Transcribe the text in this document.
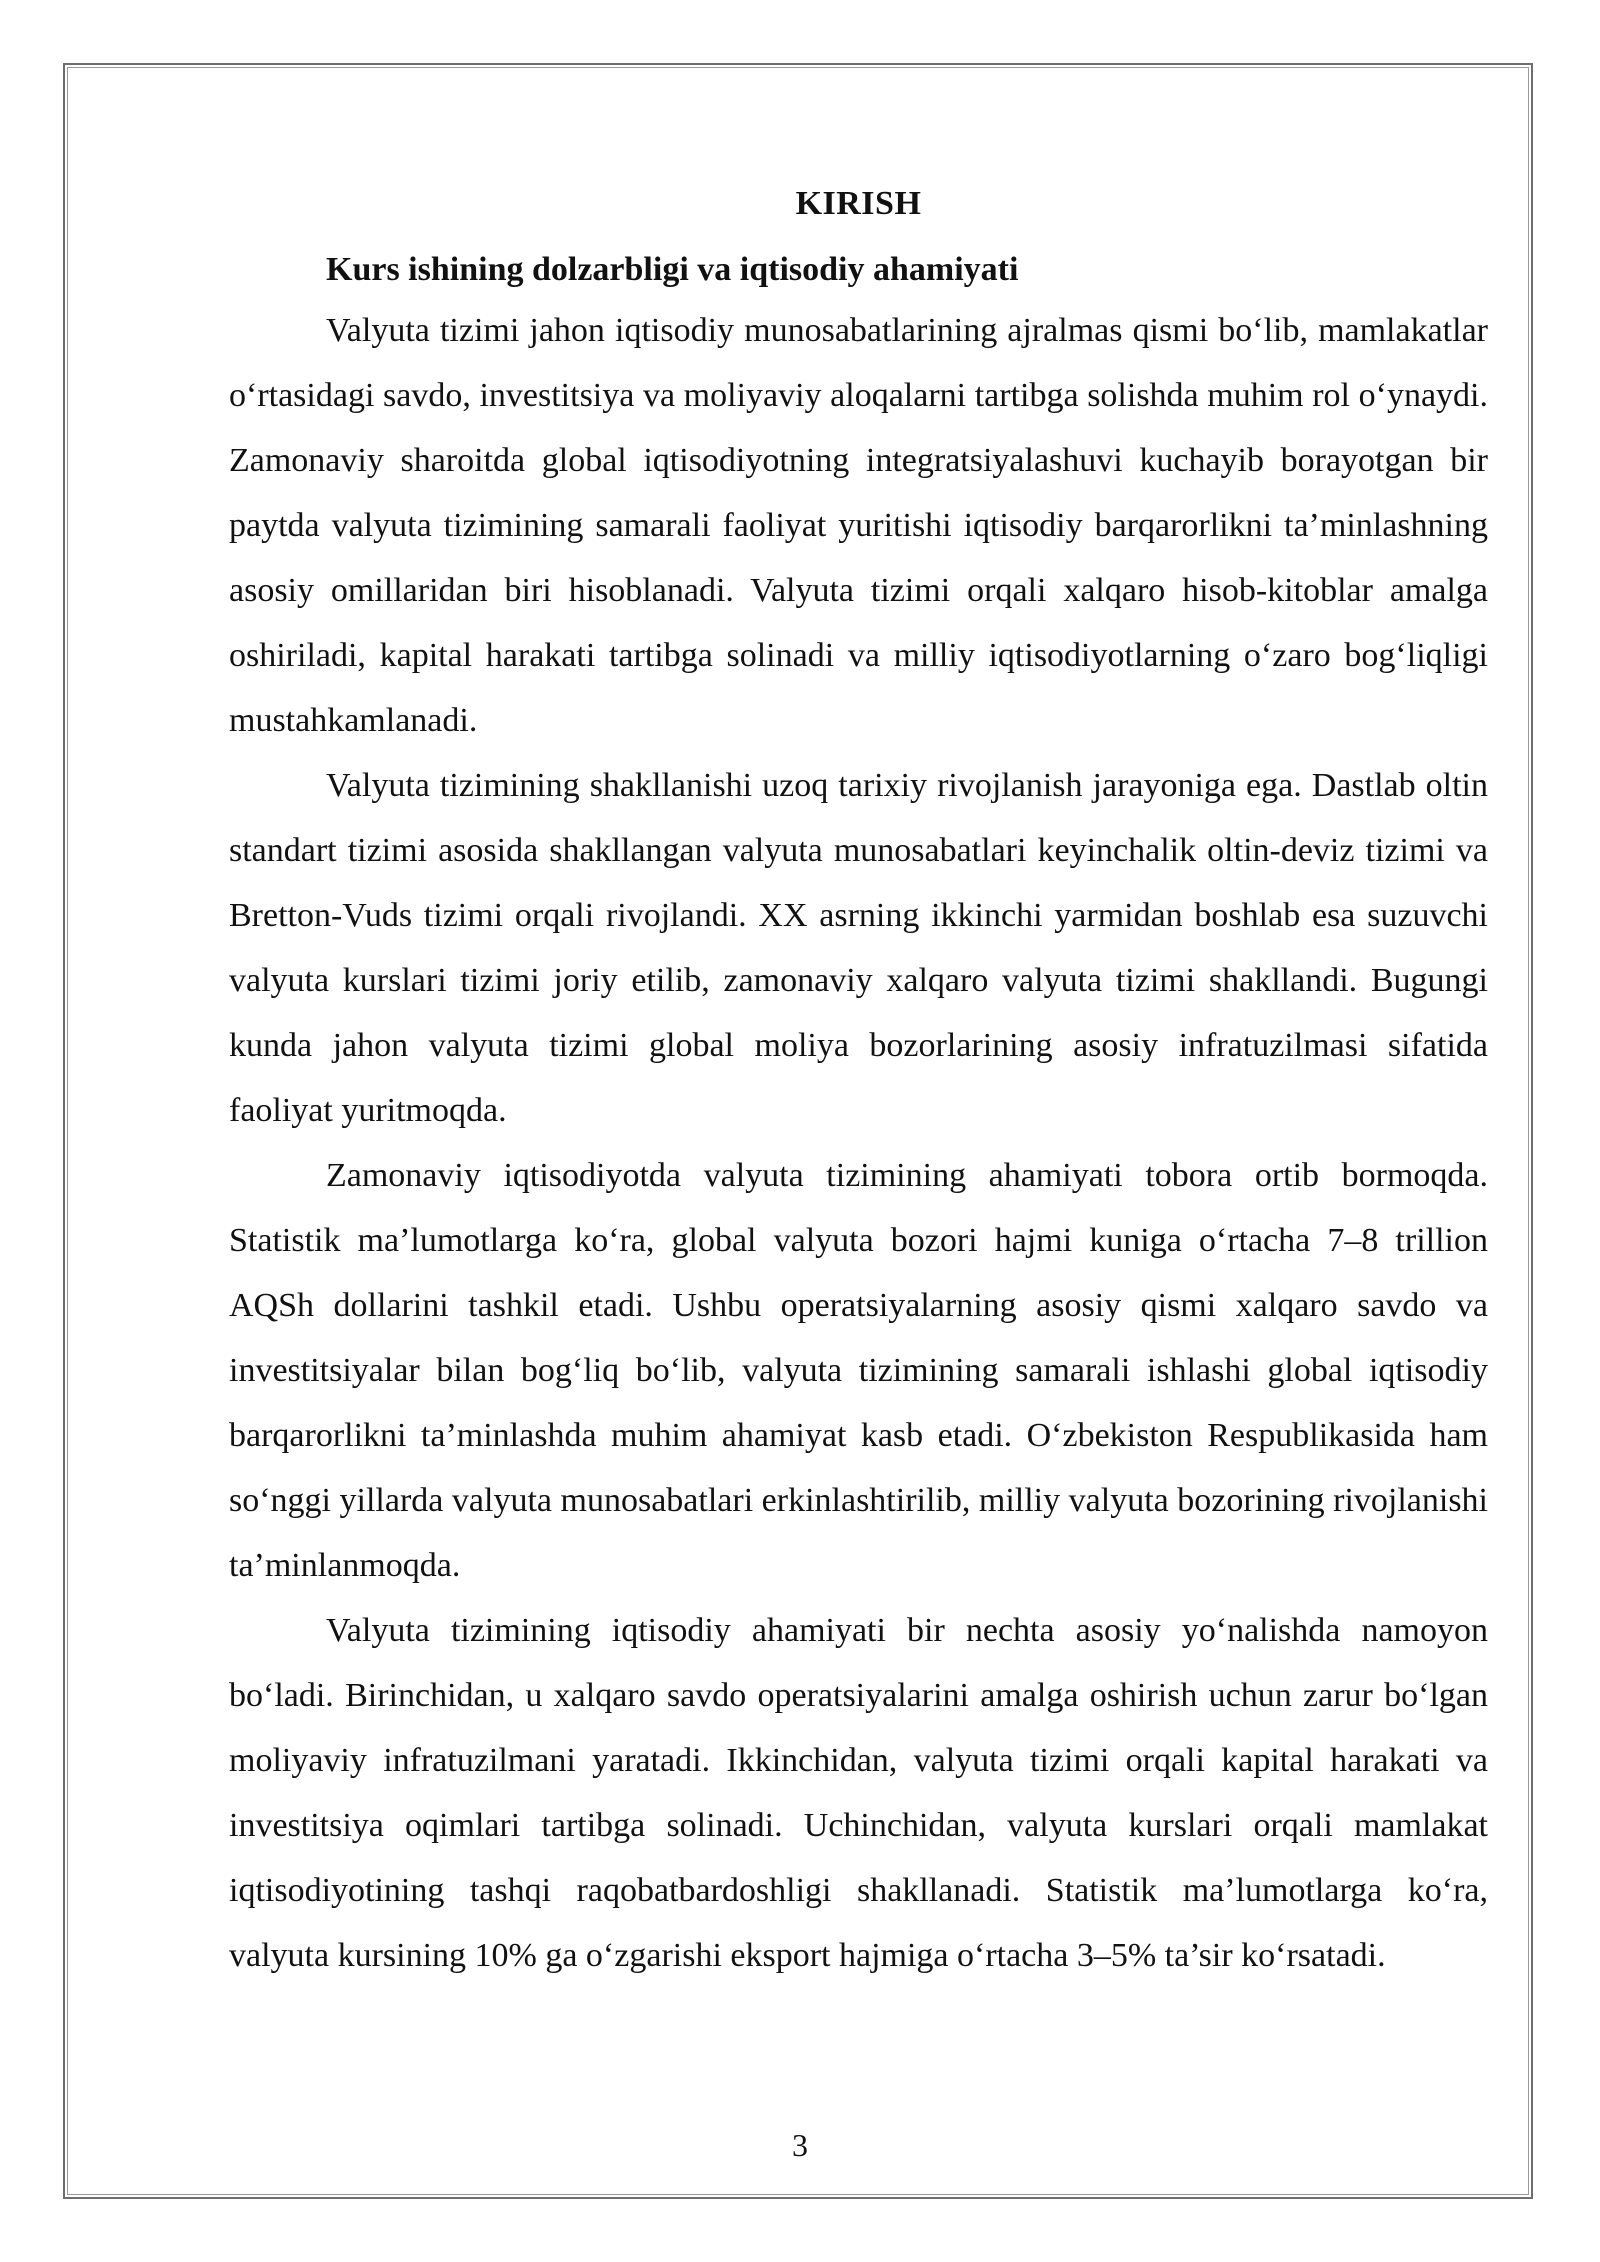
KIRISH

Kurs ishining dolzarbligi va iqtisodiy ahamiyati

Valyuta tizimi jahon iqtisodiy munosabatlarining ajralmas qismi bo‘lib, mamlakatlar o‘rtasidagi savdo, investitsiya va moliyaviy aloqalarni tartibga solishda muhim rol o‘ynaydi. Zamonaviy sharoitda global iqtisodiyotning integratsiyalashuvi kuchayib borayotgan bir paytda valyuta tizimining samarali faoliyat yuritishi iqtisodiy barqarorlikni ta’minlashning asosiy omillaridan biri hisoblanadi. Valyuta tizimi orqali xalqaro hisob-kitoblar amalga oshiriladi, kapital harakati tartibga solinadi va milliy iqtisodiyotlarning o‘zaro bog‘liqligi mustahkamlanadi.

Valyuta tizimining shakllanishi uzoq tarixiy rivojlanish jarayoniga ega. Dastlab oltin standart tizimi asosida shakllangan valyuta munosabatlari keyinchalik oltin-deviz tizimi va Bretton-Vuds tizimi orqali rivojlandi. XX asrning ikkinchi yarmidan boshlab esa suzuvchi valyuta kurslari tizimi joriy etilib, zamonaviy xalqaro valyuta tizimi shakllandi. Bugungi kunda jahon valyuta tizimi global moliya bozorlarining asosiy infratuzilmasi sifatida faoliyat yuritmoqda.

Zamonaviy iqtisodiyotda valyuta tizimining ahamiyati tobora ortib bormoqda. Statistik ma’lumotlarga ko‘ra, global valyuta bozori hajmi kuniga o‘rtacha 7–8 trillion AQSh dollarini tashkil etadi. Ushbu operatsiyalarning asosiy qismi xalqaro savdo va investitsiyalar bilan bog‘liq bo‘lib, valyuta tizimining samarali ishlashi global iqtisodiy barqarorlikni ta’minlashda muhim ahamiyat kasb etadi. O‘zbekiston Respublikasida ham so‘nggi yillarda valyuta munosabatlari erkinlashtirilib, milliy valyuta bozorining rivojlanishi ta’minlanmoqda.

Valyuta tizimining iqtisodiy ahamiyati bir nechta asosiy yo‘nalishda namoyon bo‘ladi. Birinchidan, u xalqaro savdo operatsiyalarini amalga oshirish uchun zarur bo‘lgan moliyaviy infratuzilmani yaratadi. Ikkinchidan, valyuta tizimi orqali kapital harakati va investitsiya oqimlari tartibga solinadi. Uchinchidan, valyuta kurslari orqali mamlakat iqtisodiyotining tashqi raqobatbardoshligi shakllanadi. Statistik ma’lumotlarga ko‘ra, valyuta kursining 10% ga o‘zgarishi eksport hajmiga o‘rtacha 3–5% ta’sir ko‘rsatadi.

3
